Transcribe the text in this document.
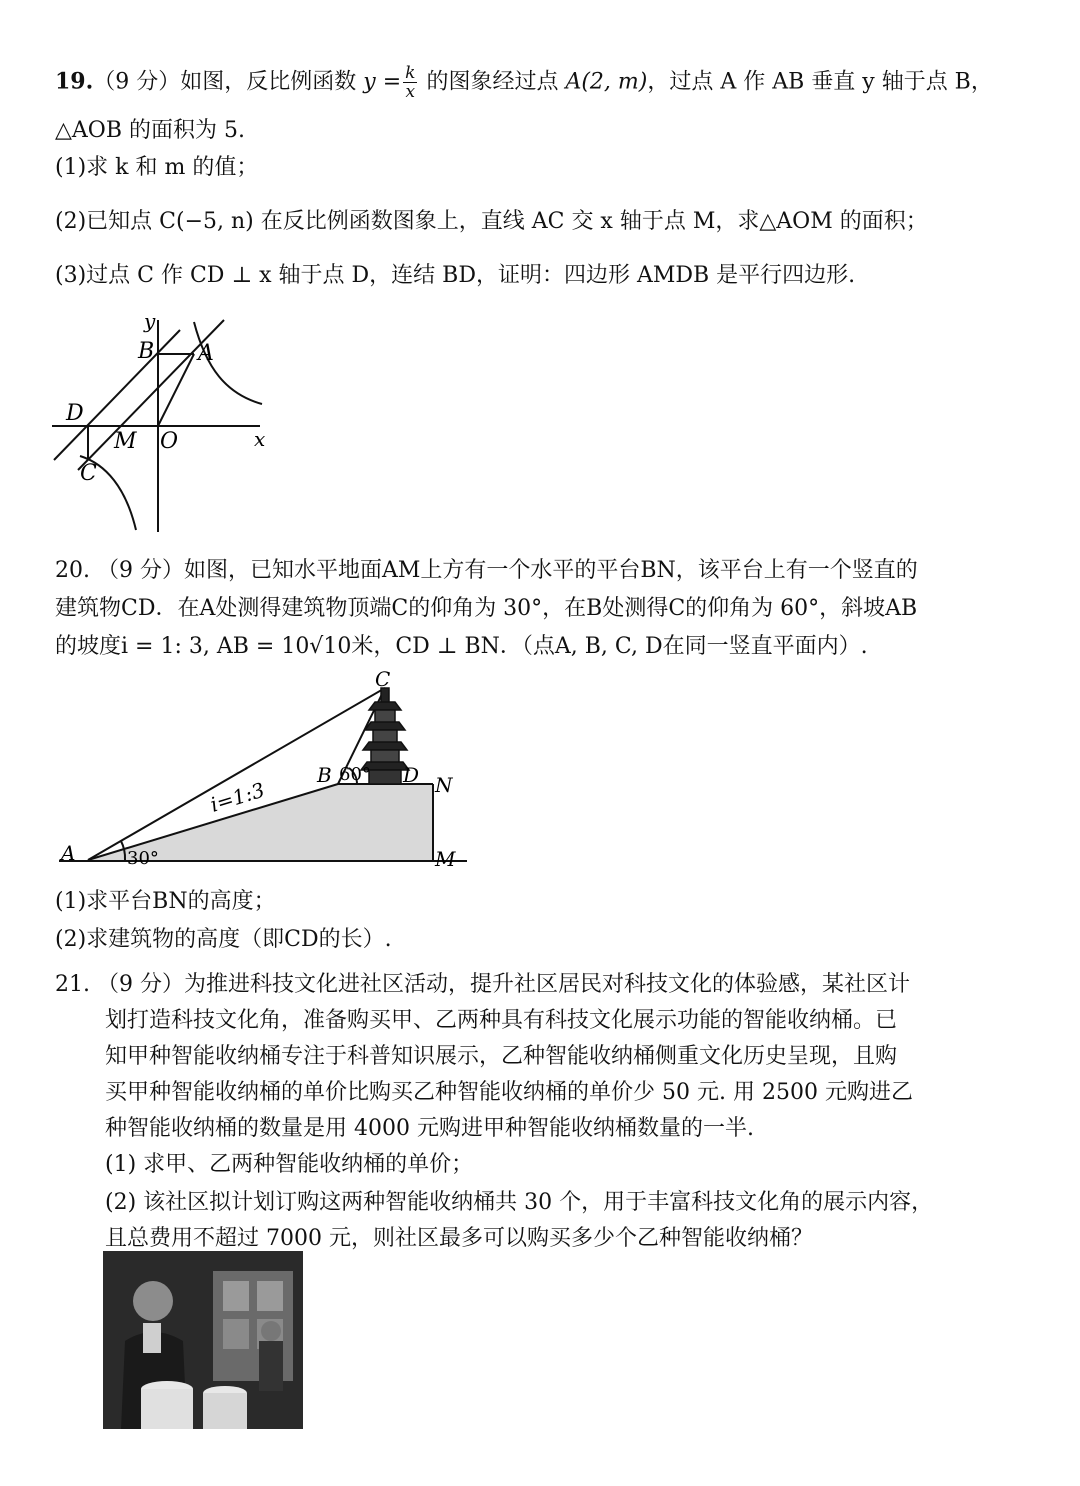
19.（9 分）如图，反比例函数 $y = \frac{k}{x}$ 的图象经过点 A(2, m)，过点 A 作 AB 垂直 y 轴于点 B，
△AOB 的面积为 5.
(1)求 k 和 m 的值；
(2)已知点 C(−5, n) 在反比例函数图象上，直线 AC 交 x 轴于点 M，求△AOM 的面积；
(3)过点 C 作 CD ⊥ x 轴于点 D，连结 BD，证明：四边形 AMDB 是平行四边形.
y
B A
D
M O	x
C
20. （9 分）如图，已知水平地面AM上方有一个水平的平台BN，该平台上有一个竖直的
建筑物CD．在A处测得建筑物顶端C的仰角为 30°，在B处测得C的仰角为 60°，斜坡AB
的坡度i = 1: 3, AB = 10√10米，CD ⊥ BN．（点A, B, C, D在同一竖直平面内）.
C
B 60° D N
i=1:3
A	30°	M
(1)求平台BN的高度；
(2)求建筑物的高度（即CD的长）.
21. （9 分）为推进科技文化进社区活动，提升社区居民对科技文化的体验感，某社区计
划打造科技文化角，准备购买甲、乙两种具有科技文化展示功能的智能收纳桶。已
知甲种智能收纳桶专注于科普知识展示，乙种智能收纳桶侧重文化历史呈现，且购
买甲种智能收纳桶的单价比购买乙种智能收纳桶的单价少 50 元. 用 2500 元购进乙
种智能收纳桶的数量是用 4000 元购进甲种智能收纳桶数量的一半.
(1) 求甲、乙两种智能收纳桶的单价；
(2) 该社区拟计划订购这两种智能收纳桶共 30 个，用于丰富科技文化角的展示内容，
且总费用不超过 7000 元，则社区最多可以购买多少个乙种智能收纳桶？
